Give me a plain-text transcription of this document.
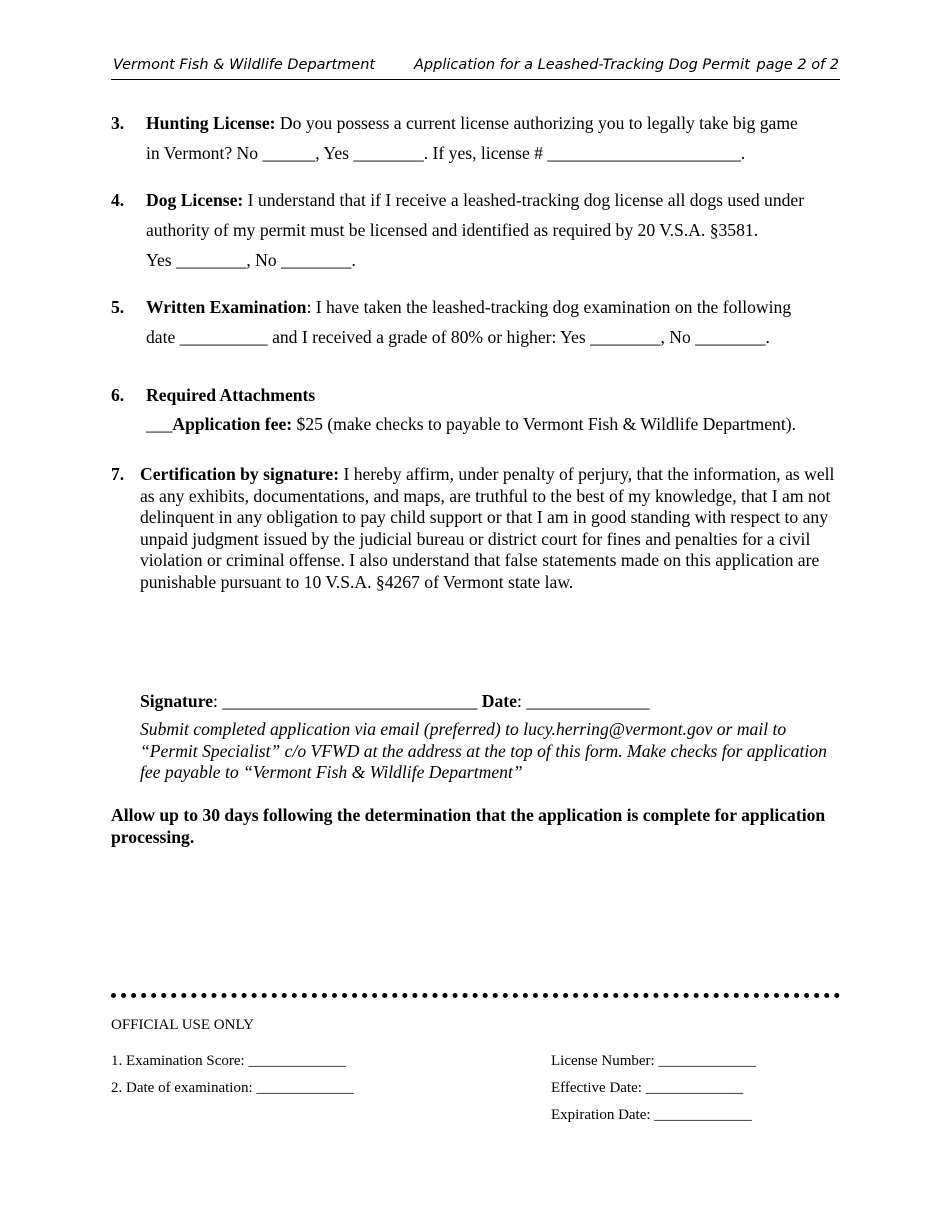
Vermont Fish & Wildlife Department	Application for a Leashed-Tracking Dog Permit page 2 of 2
3. Hunting License: Do you possess a current license authorizing you to legally take big game
in Vermont? No ______, Yes ________. If yes, license # ______________________.
4. Dog License: I understand that if I receive a leashed-tracking dog license all dogs used under
authority of my permit must be licensed and identified as required by 20 V.S.A. §3581.
Yes ________, No ________.
5. Written Examination: I have taken the leashed-tracking dog examination on the following
date __________ and I received a grade of 80% or higher: Yes ________, No ________.
6. Required Attachments
___Application fee: $25 (make checks to payable to Vermont Fish & Wildlife Department).
7. Certification by signature: I hereby affirm, under penalty of perjury, that the information, as well as any exhibits, documentations, and maps, are truthful to the best of my knowledge, that I am not delinquent in any obligation to pay child support or that I am in good standing with respect to any unpaid judgment issued by the judicial bureau or district court for fines and penalties for a civil violation or criminal offense. I also understand that false statements made on this application are punishable pursuant to 10 V.S.A. §4267 of Vermont state law.
Signature: _____________________________ Date: ______________
Submit completed application via email (preferred) to lucy.herring@vermont.gov or mail to “Permit Specialist” c/o VFWD at the address at the top of this form. Make checks for application fee payable to “Vermont Fish & Wildlife Department”
Allow up to 30 days following the determination that the application is complete for application processing.
OFFICIAL USE ONLY
1. Examination Score: _____________
2. Date of examination: _____________
License Number: _____________
Effective Date: _____________
Expiration Date: _____________
